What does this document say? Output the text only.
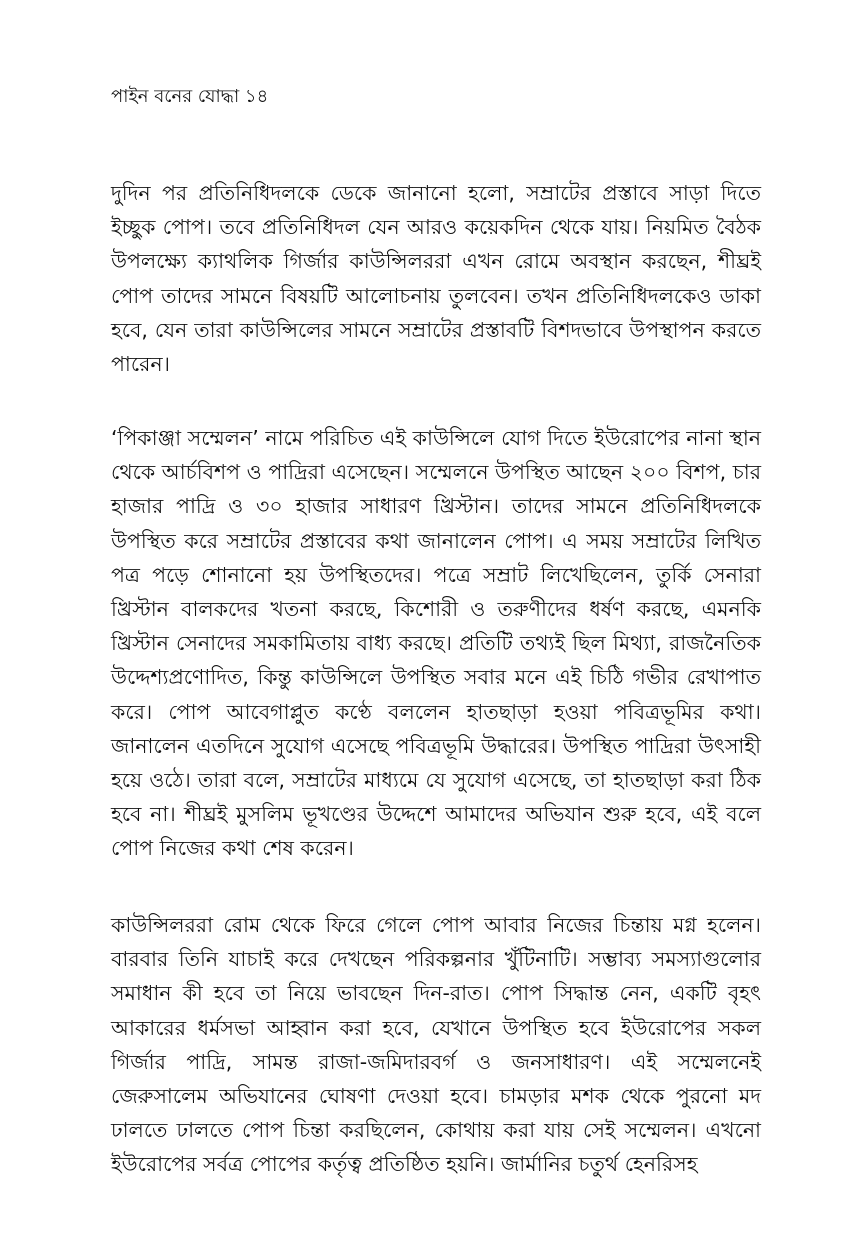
পাইন বনের যোদ্ধা ১৪

দুদিন পর প্রতিনিধিদলকে ডেকে জানানো হলো, সম্রাটের প্রস্তাবে সাড়া দিতে ইচ্ছুক পোপ। তবে প্রতিনিধিদল যেন আরও কয়েকদিন থেকে যায়। নিয়মিত বৈঠক উপলক্ষ্যে ক্যাথলিক গির্জার কাউন্সিলররা এখন রোমে অবস্থান করছেন, শীঘ্রই পোপ তাদের সামনে বিষয়টি আলোচনায় তুলবেন। তখন প্রতিনিধিদলকেও ডাকা হবে, যেন তারা কাউন্সিলের সামনে সম্রাটের প্রস্তাবটি বিশদভাবে উপস্থাপন করতে পারেন।

‘পিকাঞ্জা সম্মেলন’ নামে পরিচিত এই কাউন্সিলে যোগ দিতে ইউরোপের নানা স্থান থেকে আর্চবিশপ ও পাদ্রিরা এসেছেন। সম্মেলনে উপস্থিত আছেন ২০০ বিশপ, চার হাজার পাদ্রি ও ৩০ হাজার সাধারণ খ্রিস্টান। তাদের সামনে প্রতিনিধিদলকে উপস্থিত করে সম্রাটের প্রস্তাবের কথা জানালেন পোপ। এ সময় সম্রাটের লিখিত পত্র পড়ে শোনানো হয় উপস্থিতদের। পত্রে সম্রাট লিখেছিলেন, তুর্কি সেনারা খ্রিস্টান বালকদের খতনা করছে, কিশোরী ও তরুণীদের ধর্ষণ করছে, এমনকি খ্রিস্টান সেনাদের সমকামিতায় বাধ্য করছে। প্রতিটি তথ্যই ছিল মিথ্যা, রাজনৈতিক উদ্দেশ্যপ্রণোদিত, কিন্তু কাউন্সিলে উপস্থিত সবার মনে এই চিঠি গভীর রেখাপাত করে। পোপ আবেগাপ্লুত কণ্ঠে বললেন হাতছাড়া হওয়া পবিত্রভূমির কথা। জানালেন এতদিনে সুযোগ এসেছে পবিত্রভূমি উদ্ধারের। উপস্থিত পাদ্রিরা উৎসাহী হয়ে ওঠে। তারা বলে, সম্রাটের মাধ্যমে যে সুযোগ এসেছে, তা হাতছাড়া করা ঠিক হবে না। শীঘ্রই মুসলিম ভূখণ্ডের উদ্দেশে আমাদের অভিযান শুরু হবে, এই বলে পোপ নিজের কথা শেষ করেন।

কাউন্সিলররা রোম থেকে ফিরে গেলে পোপ আবার নিজের চিন্তায় মগ্ন হলেন। বারবার তিনি যাচাই করে দেখছেন পরিকল্পনার খুঁটিনাটি। সম্ভাব্য সমস্যাগুলোর সমাধান কী হবে তা নিয়ে ভাবছেন দিন-রাত। পোপ সিদ্ধান্ত নেন, একটি বৃহৎ আকারের ধর্মসভা আহ্বান করা হবে, যেখানে উপস্থিত হবে ইউরোপের সকল গির্জার পাদ্রি, সামন্ত রাজা-জমিদারবর্গ ও জনসাধারণ। এই সম্মেলনেই জেরুসালেম অভিযানের ঘোষণা দেওয়া হবে। চামড়ার মশক থেকে পুরনো মদ ঢালতে ঢালতে পোপ চিন্তা করছিলেন, কোথায় করা যায় সেই সম্মেলন। এখনো ইউরোপের সর্বত্র পোপের কর্তৃত্ব প্রতিষ্ঠিত হয়নি। জার্মানির চতুর্থ হেনরিসহ
